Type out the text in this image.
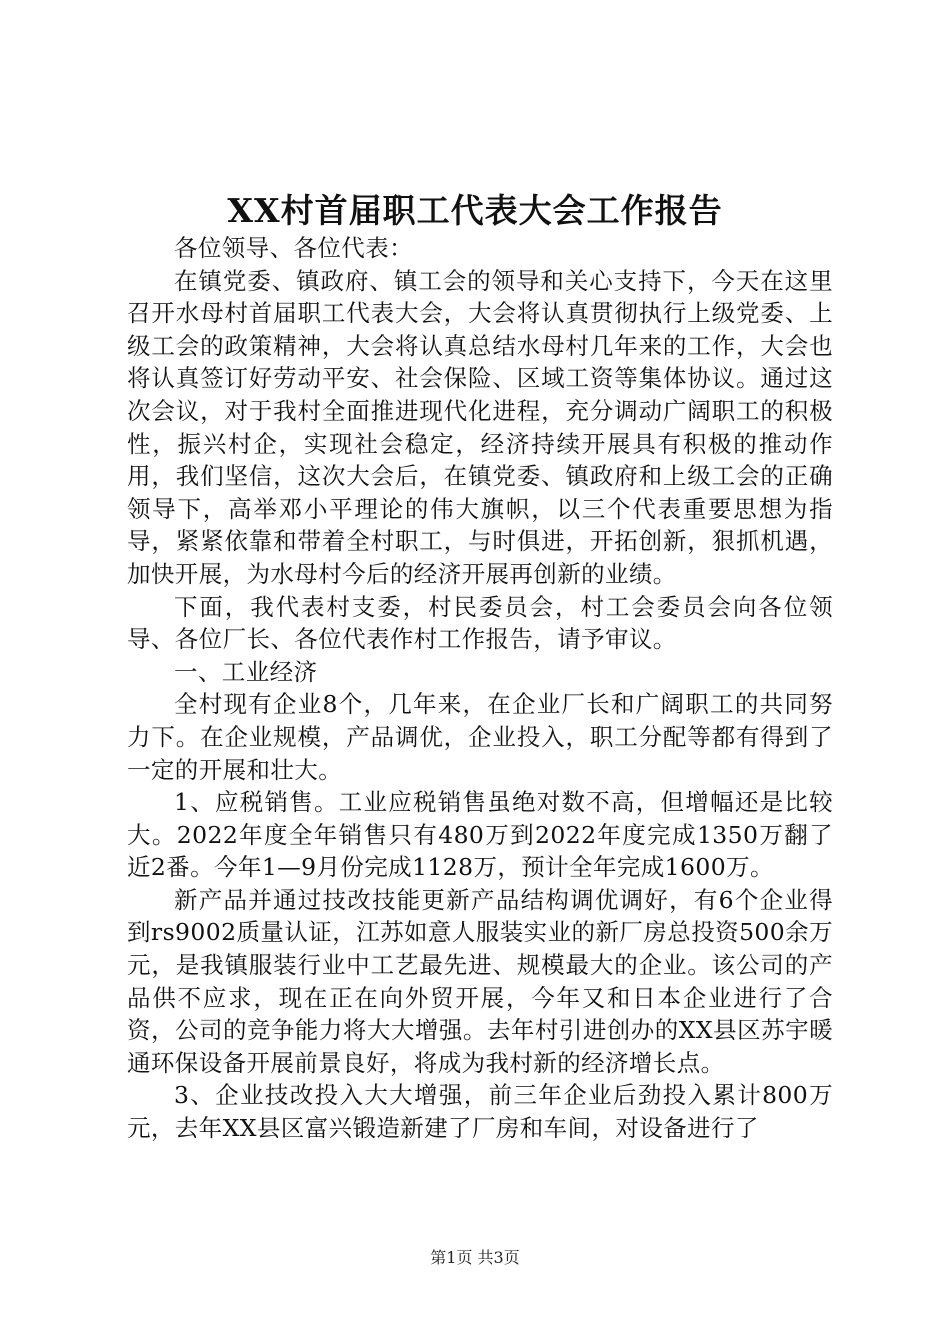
XX村首届职工代表大会工作报告

各位领导、各位代表：

在镇党委、镇政府、镇工会的领导和关心支持下，今天在这里召开水母村首届职工代表大会，大会将认真贯彻执行上级党委、上级工会的政策精神，大会将认真总结水母村几年来的工作，大会也将认真签订好劳动平安、社会保险、区域工资等集体协议。通过这次会议，对于我村全面推进现代化进程，充分调动广阔职工的积极性，振兴村企，实现社会稳定，经济持续开展具有积极的推动作用，我们坚信，这次大会后，在镇党委、镇政府和上级工会的正确领导下，高举邓小平理论的伟大旗帜，以三个代表重要思想为指导，紧紧依靠和带着全村职工，与时俱进，开拓创新，狠抓机遇，加快开展，为水母村今后的经济开展再创新的业绩。

下面，我代表村支委，村民委员会，村工会委员会向各位领导、各位厂长、各位代表作村工作报告，请予审议。

一、工业经济

全村现有企业8个，几年来，在企业厂长和广阔职工的共同努力下。在企业规模，产品调优，企业投入，职工分配等都有得到了一定的开展和壮大。

1、应税销售。工业应税销售虽绝对数不高，但增幅还是比较大。2022年度全年销售只有480万到2022年度完成1350万翻了近2番。今年1—9月份完成1128万，预计全年完成1600万。

新产品并通过技改技能更新产品结构调优调好，有6个企业得到rs9002质量认证，江苏如意人服装实业的新厂房总投资500余万元，是我镇服装行业中工艺最先进、规模最大的企业。该公司的产品供不应求，现在正在向外贸开展，今年又和日本企业进行了合资，公司的竞争能力将大大增强。去年村引进创办的XX县区苏宇暖通环保设备开展前景良好，将成为我村新的经济增长点。

3、企业技改投入大大增强，前三年企业后劲投入累计800万元，去年XX县区富兴锻造新建了厂房和车间，对设备进行了

第1页 共3页
